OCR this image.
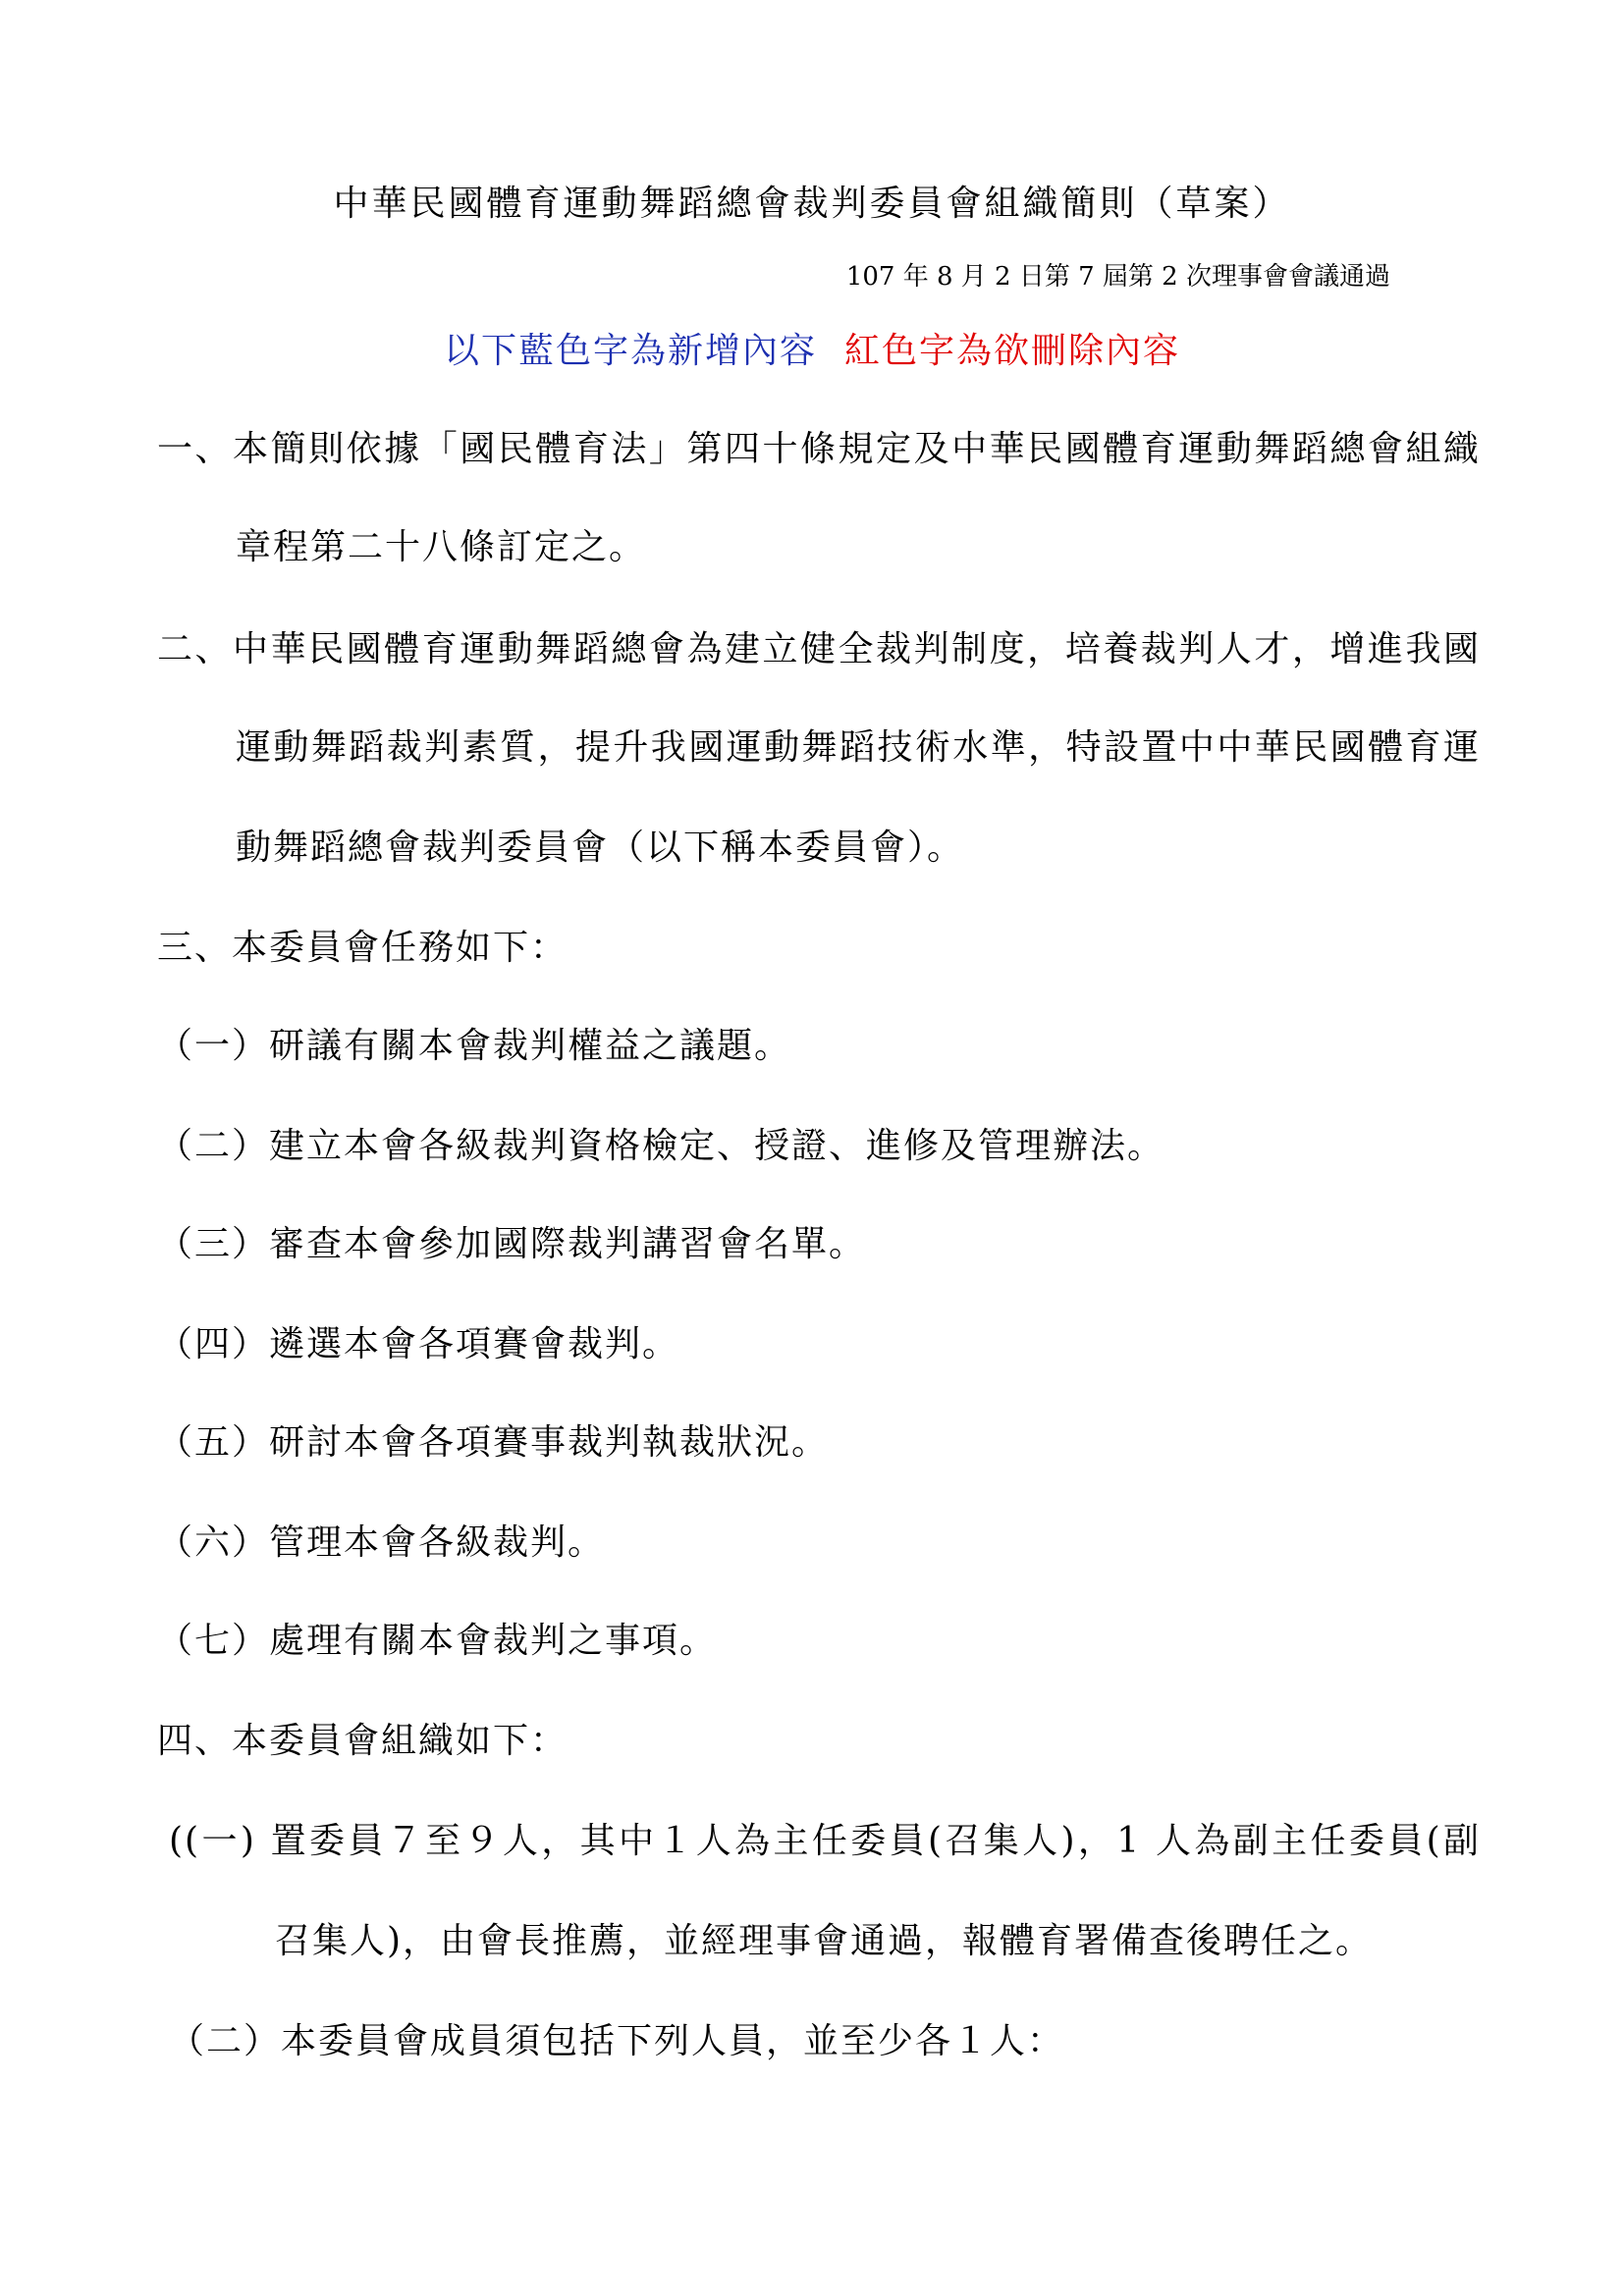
中華民國體育運動舞蹈總會裁判委員會組織簡則（草案）
107 年 8 月 2 日第 7 屆第 2 次理事會會議通過
以下藍色字為新增內容 紅色字為欲刪除內容
一、本簡則依據「國民體育法」第四十條規定及中華民國體育運動舞蹈總會組織
章程第二十八條訂定之。
二、中華民國體育運動舞蹈總會為建立健全裁判制度，培養裁判人才，增進我國
運動舞蹈裁判素質，提升我國運動舞蹈技術水準，特設置中中華民國體育運
動舞蹈總會裁判委員會（以下稱本委員會）。
三、本委員會任務如下：
（一）研議有關本會裁判權益之議題。
（二）建立本會各級裁判資格檢定、授證、進修及管理辦法。
（三）審查本會參加國際裁判講習會名單。
（四）遴選本會各項賽會裁判。
（五）研討本會各項賽事裁判執裁狀況。
（六）管理本會各級裁判。
（七）處理有關本會裁判之事項。
四、本委員會組織如下：
((一) 置委員７至９人，其中１人為主任委員(召集人)，1 人為副主任委員(副
召集人)，由會長推薦，並經理事會通過，報體育署備查後聘任之。
（二）本委員會成員須包括下列人員，並至少各１人：
